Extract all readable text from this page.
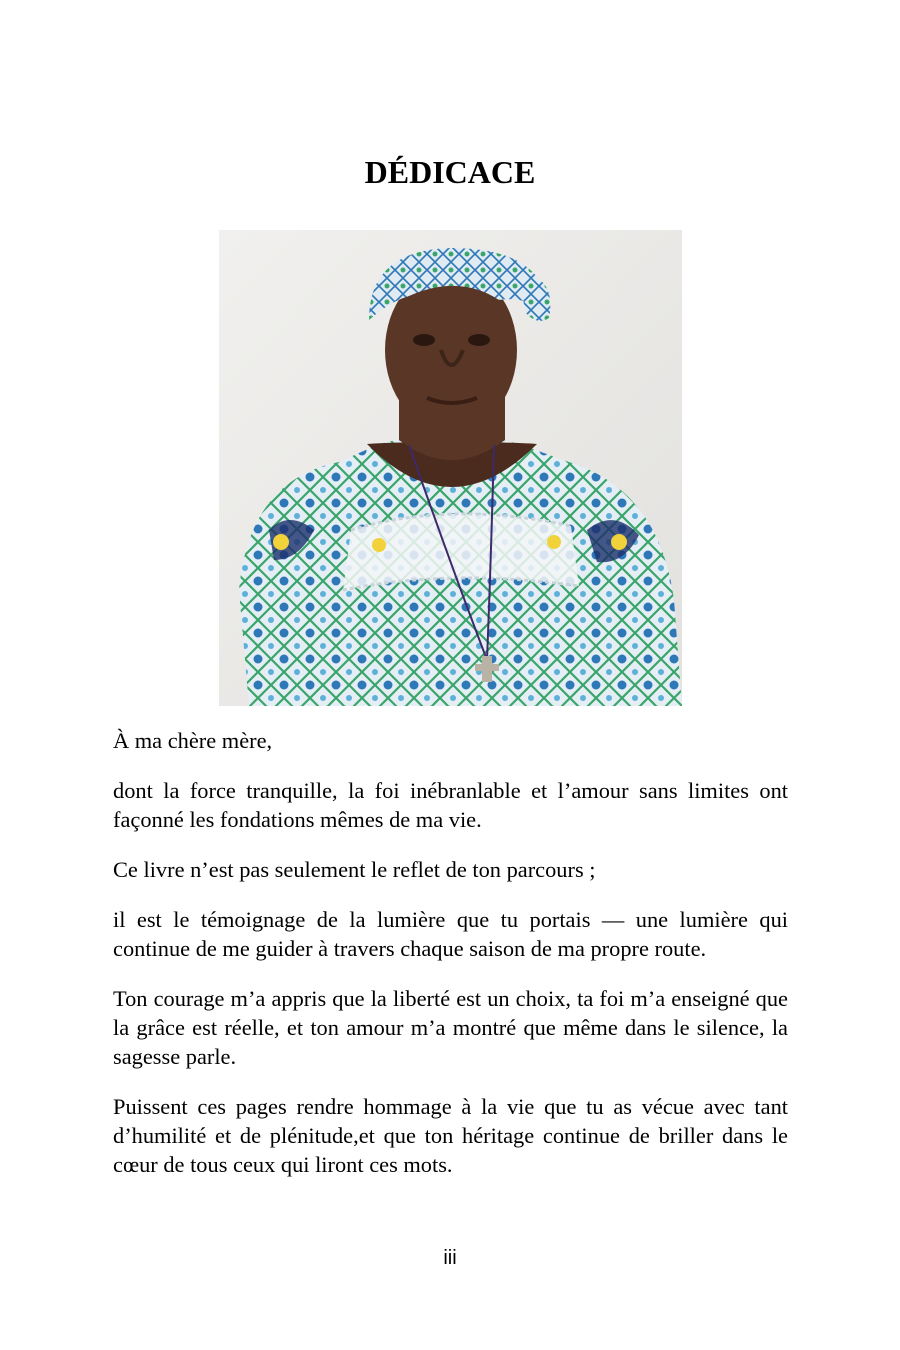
DÉDICACE

À ma chère mère,

dont la force tranquille, la foi inébranlable et l’amour sans limites ont façonné les fondations mêmes de ma vie.

Ce livre n’est pas seulement le reflet de ton parcours ;

il est le témoignage de la lumière que tu portais — une lumière qui continue de me guider à travers chaque saison de ma propre route.

Ton courage m’a appris que la liberté est un choix, ta foi m’a enseigné que la grâce est réelle, et ton amour m’a montré que même dans le silence, la sagesse parle.

Puissent ces pages rendre hommage à la vie que tu as vécue avec tant d’humilité et de plénitude,et que ton héritage continue de briller dans le cœur de tous ceux qui liront ces mots.

iii
